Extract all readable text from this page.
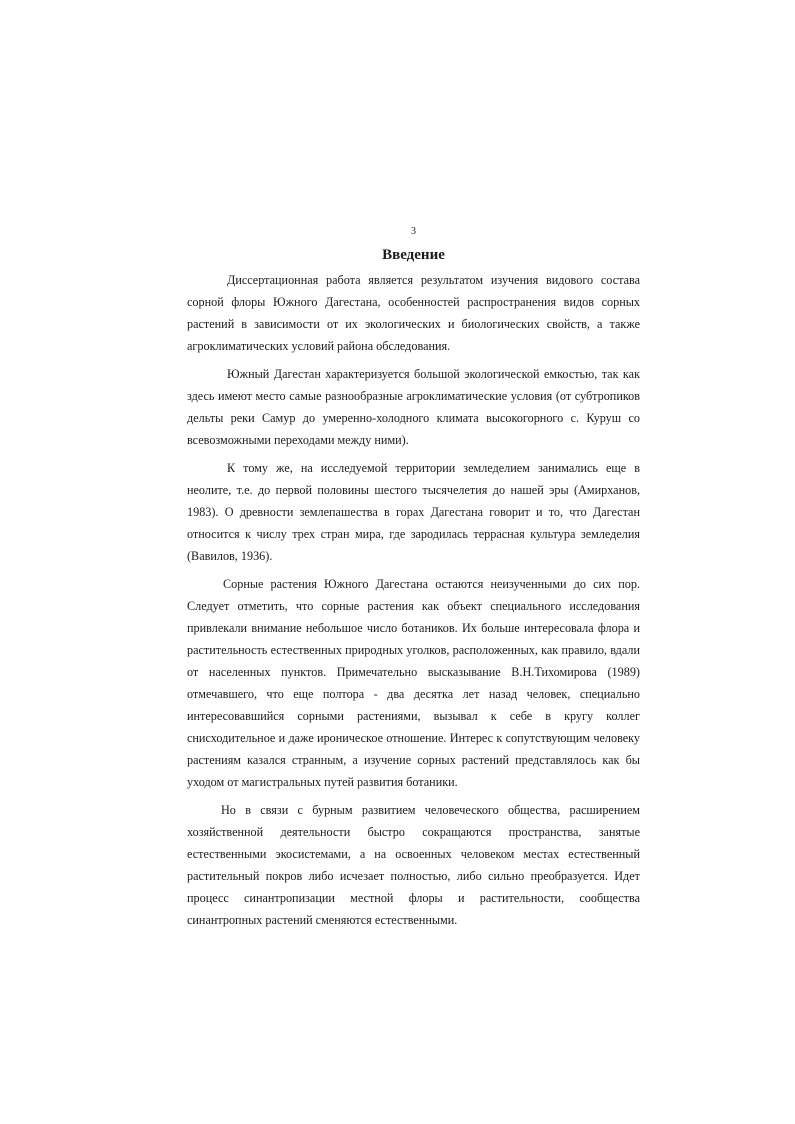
3
Введение

Диссертационная работа является результатом изучения видового состава сорной флоры Южного Дагестана, особенностей распространения видов сорных растений в зависимости от их экологических и биологических свойств, а также агроклиматических условий района обследования.

Южный Дагестан характеризуется большой экологической емкостью, так как здесь имеют место самые разнообразные агроклиматические условия (от субтропиков дельты реки Самур до умеренно-холодного климата высокогорного с. Куруш со всевозможными переходами между ними).

К тому же, на исследуемой территории земледелием занимались еще в неолите, т.е. до первой половины шестого тысячелетия до нашей эры (Амирханов, 1983). О древности землепашества в горах Дагестана говорит и то, что Дагестан относится к числу трех стран мира, где зародилась террасная культура земледелия (Вавилов, 1936).

Сорные растения Южного Дагестана остаются неизученными до сих пор. Следует отметить, что сорные растения как объект специального исследования привлекали внимание небольшое число ботаников. Их больше интересовала флора и растительность естественных природных уголков, расположенных, как правило, вдали от населенных пунктов. Примечательно высказывание В.Н.Тихомирова (1989) отмечавшего, что еще полтора - два десятка лет назад человек, специально интересовавшийся сорными растениями, вызывал к себе в кругу коллег снисходительное и даже ироническое отношение. Интерес к сопутствующим человеку растениям казался странным, а изучение сорных растений представлялось как бы уходом от магистральных путей развития ботаники.

Но в связи с бурным развитием человеческого общества, расширением хозяйственной деятельности быстро сокращаются пространства, занятые естественными экосистемами, а на освоенных человеком местах естественный растительный покров либо исчезает полностью, либо сильно преобразуется. Идет процесс синантропизации местной флоры и растительности, сообщества синантропных растений сменяются естественными.
